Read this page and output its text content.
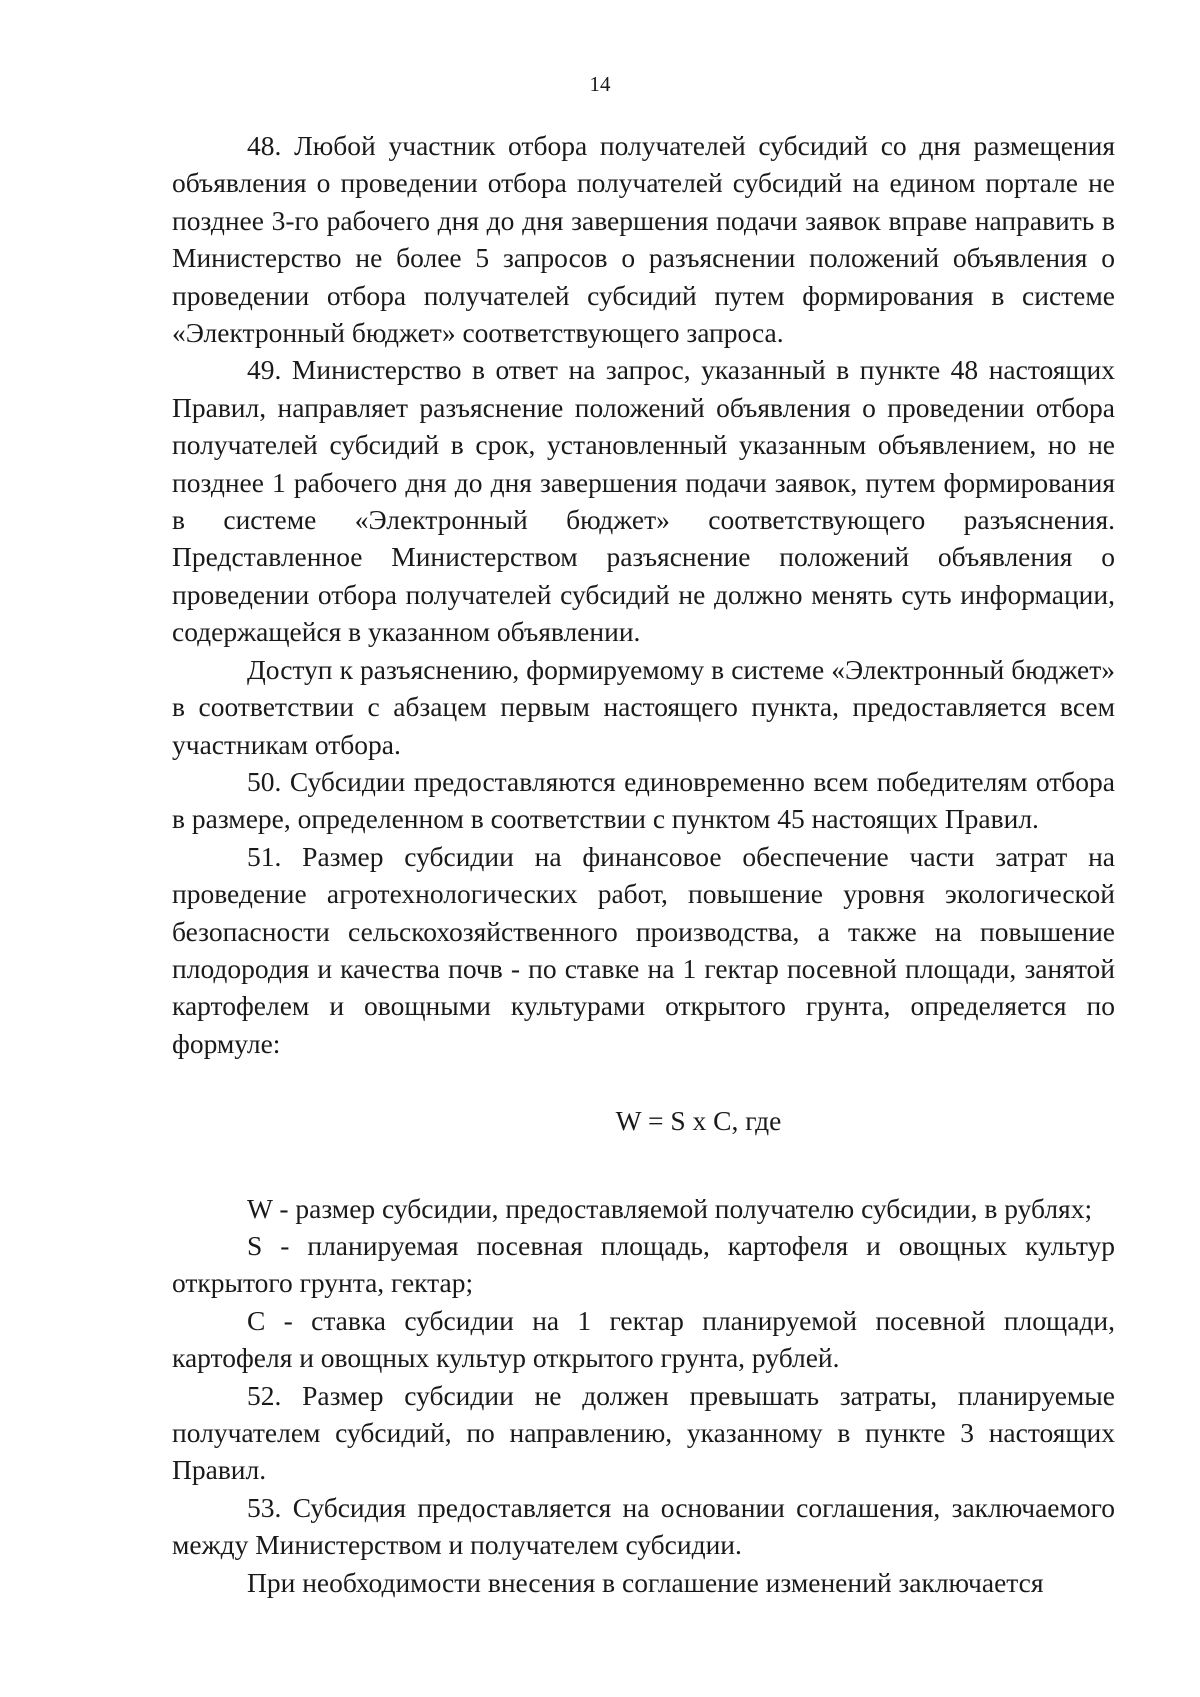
14

48. Любой участник отбора получателей субсидий со дня размещения объявления о проведении отбора получателей субсидий на едином портале не позднее 3-го рабочего дня до дня завершения подачи заявок вправе направить в Министерство не более 5 запросов о разъяснении положений объявления о проведении отбора получателей субсидий путем формирования в системе «Электронный бюджет» соответствующего запроса.

49. Министерство в ответ на запрос, указанный в пункте 48 настоящих Правил, направляет разъяснение положений объявления о проведении отбора получателей субсидий в срок, установленный указанным объявлением, но не позднее 1 рабочего дня до дня завершения подачи заявок, путем формирования в системе «Электронный бюджет» соответствующего разъяснения. Представленное Министерством разъяснение положений объявления о проведении отбора получателей субсидий не должно менять суть информации, содержащейся в указанном объявлении.

Доступ к разъяснению, формируемому в системе «Электронный бюджет» в соответствии с абзацем первым настоящего пункта, предоставляется всем участникам отбора.

50. Субсидии предоставляются единовременно всем победителям отбора в размере, определенном в соответствии с пунктом 45 настоящих Правил.

51. Размер субсидии на финансовое обеспечение части затрат на проведение агротехнологических работ, повышение уровня экологической безопасности сельскохозяйственного производства, а также на повышение плодородия и качества почв - по ставке на 1 гектар посевной площади, занятой картофелем и овощными культурами открытого грунта, определяется по формуле:

W = S x C, где

W - размер субсидии, предоставляемой получателю субсидии, в рублях;

S - планируемая посевная площадь, картофеля и овощных культур открытого грунта, гектар;

C - ставка субсидии на 1 гектар планируемой посевной площади, картофеля и овощных культур открытого грунта, рублей.

52. Размер субсидии не должен превышать затраты, планируемые получателем субсидий, по направлению, указанному в пункте 3 настоящих Правил.

53. Субсидия предоставляется на основании соглашения, заключаемого между Министерством и получателем субсидии.

При необходимости внесения в соглашение изменений заключается
